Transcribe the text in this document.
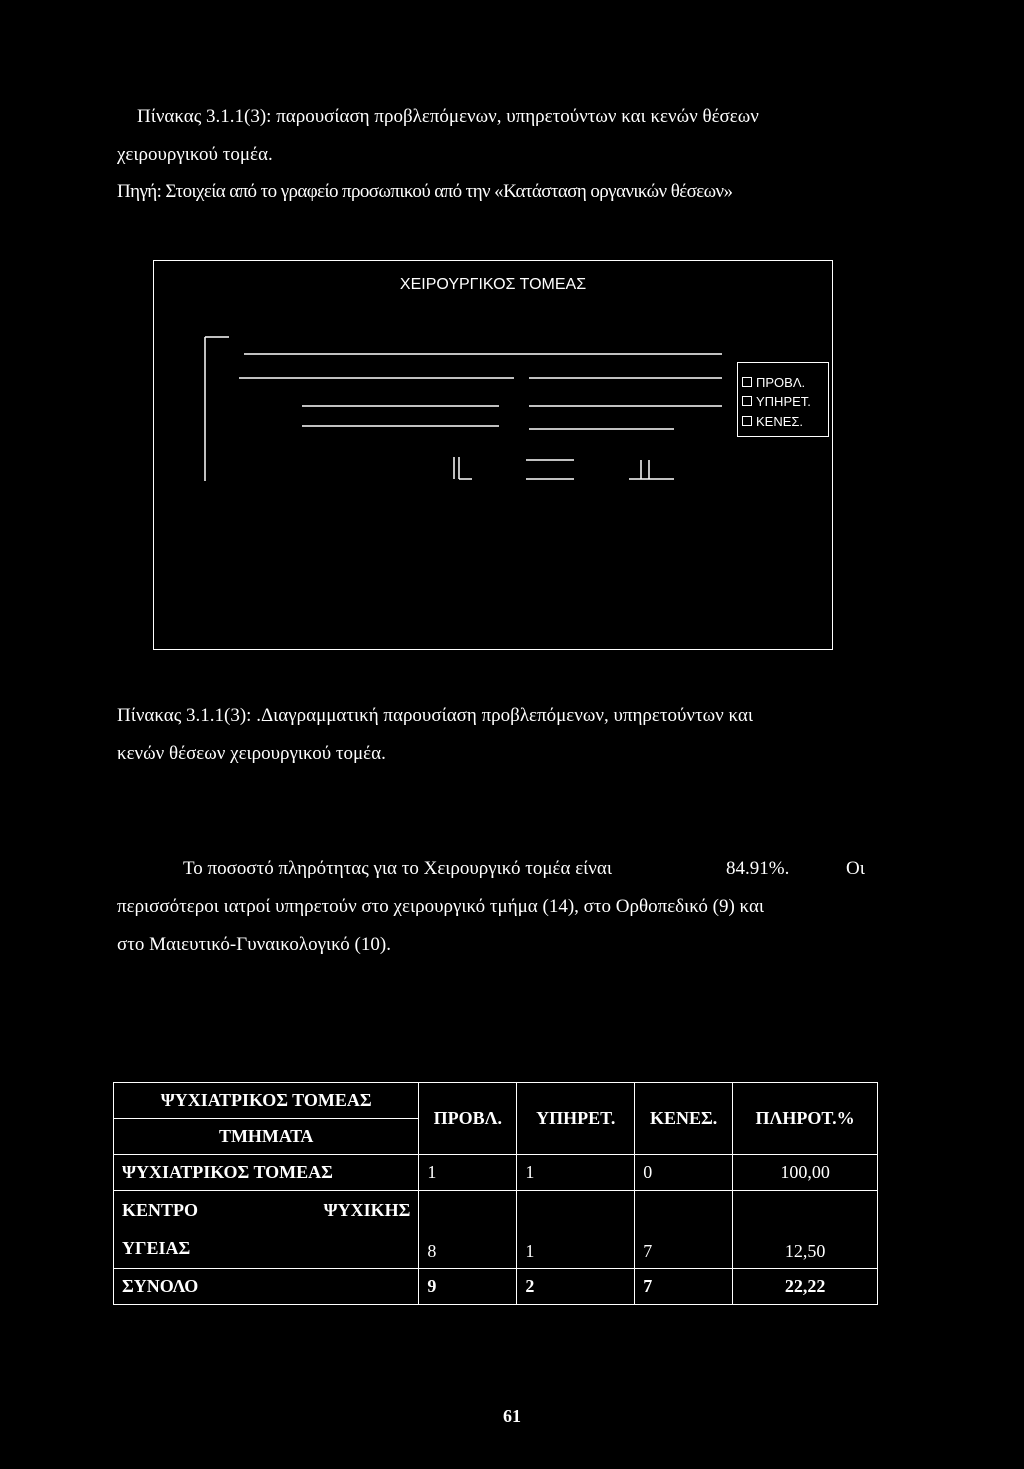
Πίνακας 3.1.1(3): παρουσίαση προβλεπόμενων, υπηρετούντων και κενών θέσεων
χειρουργικού τομέα.
Πηγή: Στοιχεία από το γραφείο προσωπικού από την «Κατάσταση οργανικών θέσεων»
ΧΕΙΡΟΥΡΓΙΚΟΣ ΤΟΜΕΑΣ
ΠΡΟΒΛ.
ΥΠΗΡΕΤ.
ΚΕΝΕΣ.
Πίνακας 3.1.1(3): .Διαγραμματική παρουσίαση προβλεπόμενων, υπηρετούντων και
κενών θέσεων χειρουργικού τομέα.
Το ποσοστό πληρότητας για το Χειρουργικό τομέα είναι	84.91%.	Οι
περισσότεροι ιατροί υπηρετούν στο χειρουργικό τμήμα (14), στο Ορθοπεδικό (9) και
στο Μαιευτικό-Γυναικολογικό (10).
ΨΥΧΙΑΤΡΙΚΟΣ ΤΟΜΕΑΣ	ΠΡΟΒΛ.	ΥΠΗΡΕΤ.	ΚΕΝΕΣ.	ΠΛΗΡΟΤ.%
ΤΜΗΜΑΤΑ				
ΨΥΧΙΑΤΡΙΚΟΣ ΤΟΜΕΑΣ	1	1	0	100,00

ΚΕΝΤΡΟ ΨΥΧΙΚΗΣ
ΥΓΕΙΑΣ	8	1	7	12,50
ΣΥΝΟΛΟ	9	2	7	22,22
61
